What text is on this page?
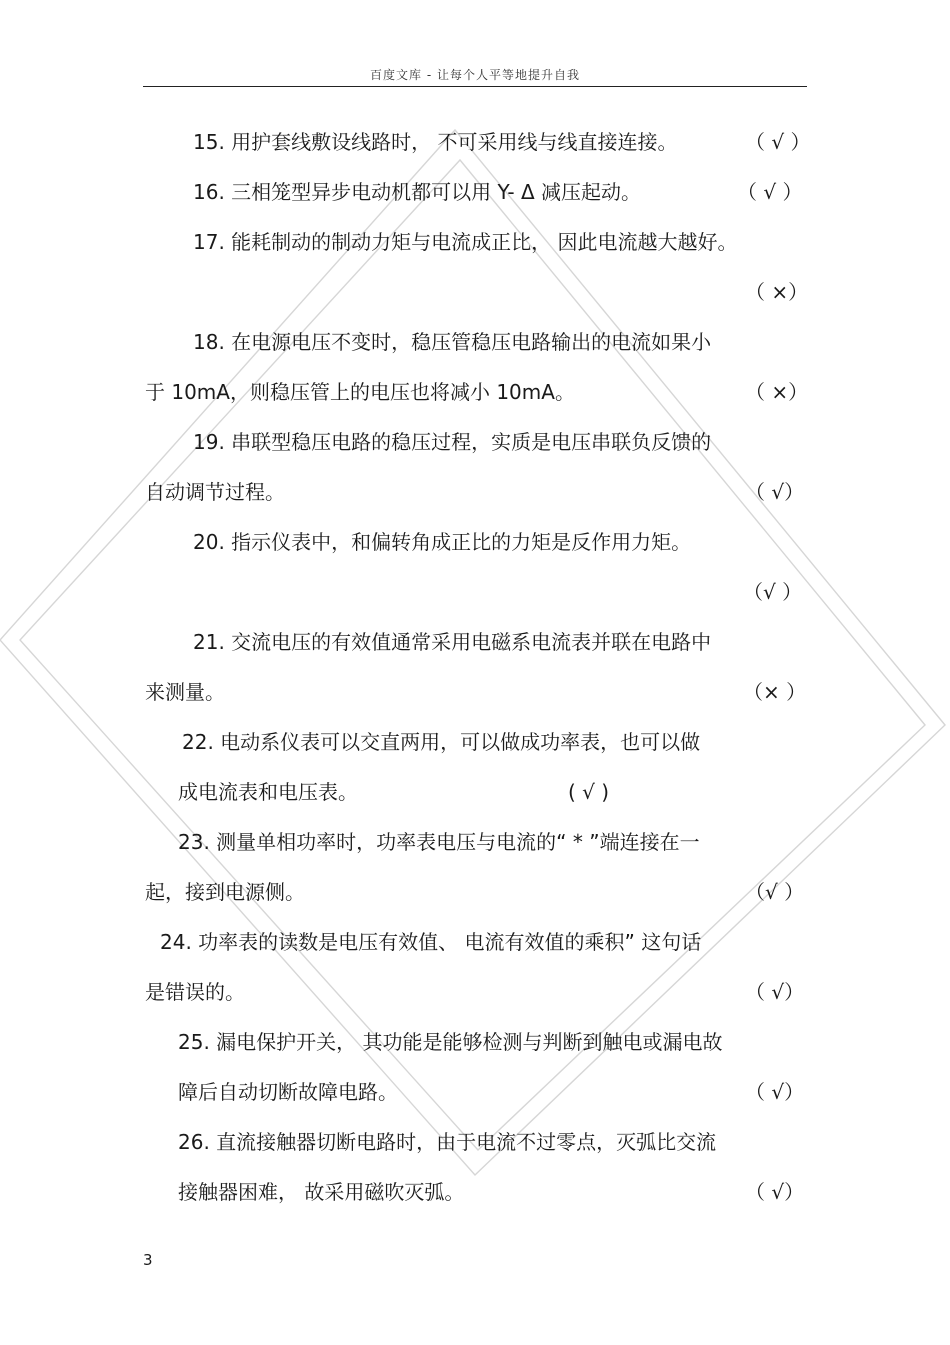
百度文库 - 让每个人平等地提升自我
15. 用护套线敷设线路时， 不可采用线与线直接连接。	（ √ ）
16. 三相笼型异步电动机都可以用 Y- Δ 减压起动。	（ √ ）
17. 能耗制动的制动力矩与电流成正比， 因此电流越大越好。
（ ×）
18. 在电源电压不变时，稳压管稳压电路输出的电流如果小
于 10mA，则稳压管上的电压也将减小 10mA。	（ ×）
19. 串联型稳压电路的稳压过程，实质是电压串联负反馈的
自动调节过程。	（ √）
20. 指示仪表中，和偏转角成正比的力矩是反作用力矩。
（√ ）
21. 交流电压的有效值通常采用电磁系电流表并联在电路中
来测量。	（× ）
22. 电动系仪表可以交直两用，可以做成功率表，也可以做
成电流表和电压表。	( √ )
23. 测量单相功率时，功率表电压与电流的“ * ”端连接在一
起，接到电源侧。	（√ ）
24. 功率表的读数是电压有效值、 电流有效值的乘积” 这句话
是错误的。	（ √）
25. 漏电保护开关， 其功能是能够检测与判断到触电或漏电故
障后自动切断故障电路。	（ √）
26. 直流接触器切断电路时，由于电流不过零点，灭弧比交流
接触器困难， 故采用磁吹灭弧。	（ √）
3
